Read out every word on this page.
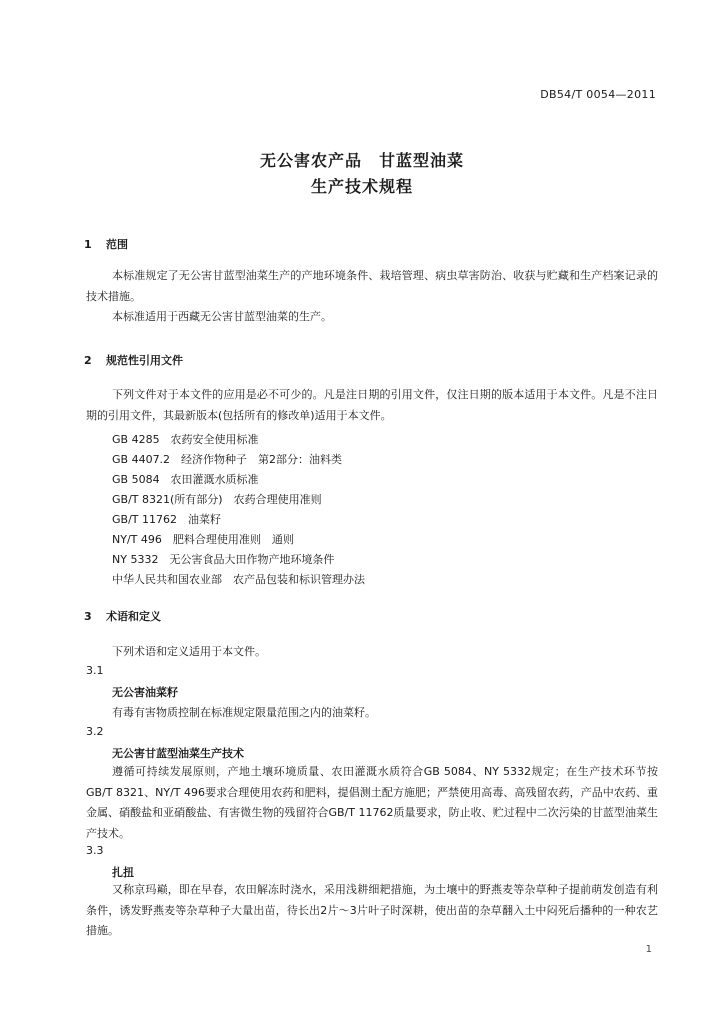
DB54/T 0054—2011
无公害农产品　甘蓝型油菜
生产技术规程
1 范围
本标准规定了无公害甘蓝型油菜生产的产地环境条件、栽培管理、病虫草害防治、收获与贮藏和生产档案记录的技术措施。
本标准适用于西藏无公害甘蓝型油菜的生产。
2 规范性引用文件
下列文件对于本文件的应用是必不可少的。凡是注日期的引用文件，仅注日期的版本适用于本文件。凡是不注日期的引用文件，其最新版本(包括所有的修改单)适用于本文件。
GB 4285　农药安全使用标准
GB 4407.2　经济作物种子　第2部分：油料类
GB 5084　农田灌溉水质标准
GB/T 8321(所有部分)　农药合理使用准则
GB/T 11762　油菜籽
NY/T 496　肥料合理使用准则　通则
NY 5332　无公害食品大田作物产地环境条件
中华人民共和国农业部　农产品包装和标识管理办法
3 术语和定义
下列术语和定义适用于本文件。
3.1
无公害油菜籽
有毒有害物质控制在标准规定限量范围之内的油菜籽。
3.2
无公害甘蓝型油菜生产技术
遵循可持续发展原则，产地土壤环境质量、农田灌溉水质符合GB 5084、NY 5332规定；在生产技术环节按GB/T 8321、NY/T 496要求合理使用农药和肥料，提倡测土配方施肥；严禁使用高毒、高残留农药，产品中农药、重金属、硝酸盐和亚硝酸盐、有害微生物的残留符合GB/T 11762质量要求，防止收、贮过程中二次污染的甘蓝型油菜生产技术。
3.3
扎扭
又称京玛巅，即在早春，农田解冻时浇水，采用浅耕细耙措施，为土壤中的野燕麦等杂草种子提前萌发创造有利条件，诱发野燕麦等杂草种子大量出苗，待长出2片～3片叶子时深耕，使出苗的杂草翻入土中闷死后播种的一种农艺措施。
1
